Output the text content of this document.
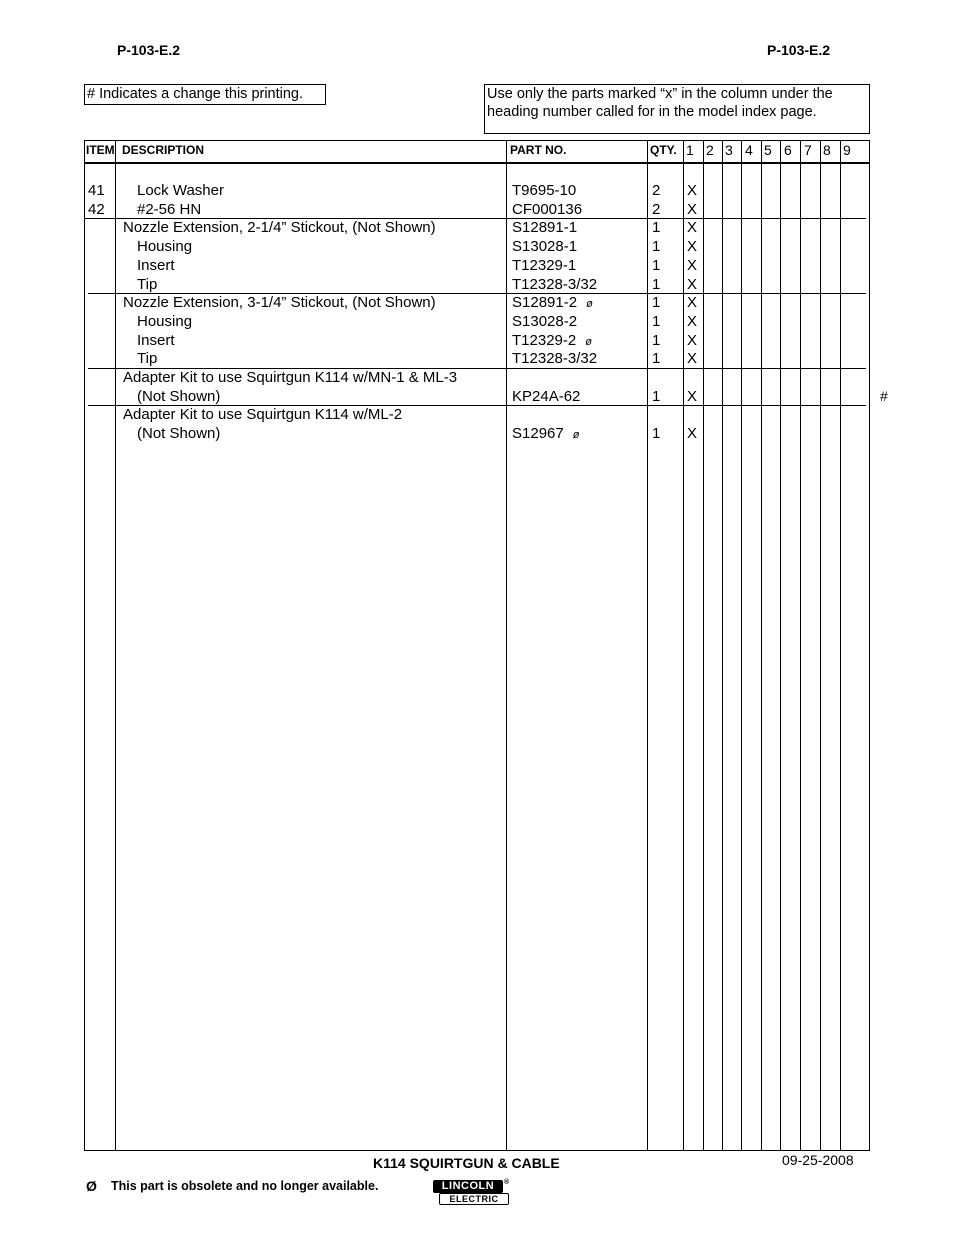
P-103-E.2	P-103-E.2
# Indicates a change this printing.	Use only the parts marked “x” in the column under the
heading number called for in the model index page.
ITEM DESCRIPTION	PART NO.	QTY. 1 2 3 4 5 6 7 8 9
41 Lock Washer	T9695-10	2 X
42 #2-56 HN	CF000136	2 X
Nozzle Extension, 2-1/4” Stickout, (Not Shown)	S12891-1	1 X
Housing	S13028-1	1 X
Insert	T12329-1	1 X
Tip	T12328-3/32	1 X
Nozzle Extension, 3-1/4” Stickout, (Not Shown)	S12891-2 ø	1 X
Housing	S13028-2	1 X
Insert	T12329-2 ø	1 X
Tip	T12328-3/32	1 X
Adapter Kit to use Squirtgun K114 w/MN-1 & ML-3
(Not Shown)	KP24A-62	1 X
Adapter Kit to use Squirtgun K114 w/ML-2
(Not Shown)	S12967 ø	1 X
#
K114 SQUIRTGUN & CABLE	09-25-2008
Ø This part is obsolete and no longer available.	LINCOLN	®
ELECTRIC
